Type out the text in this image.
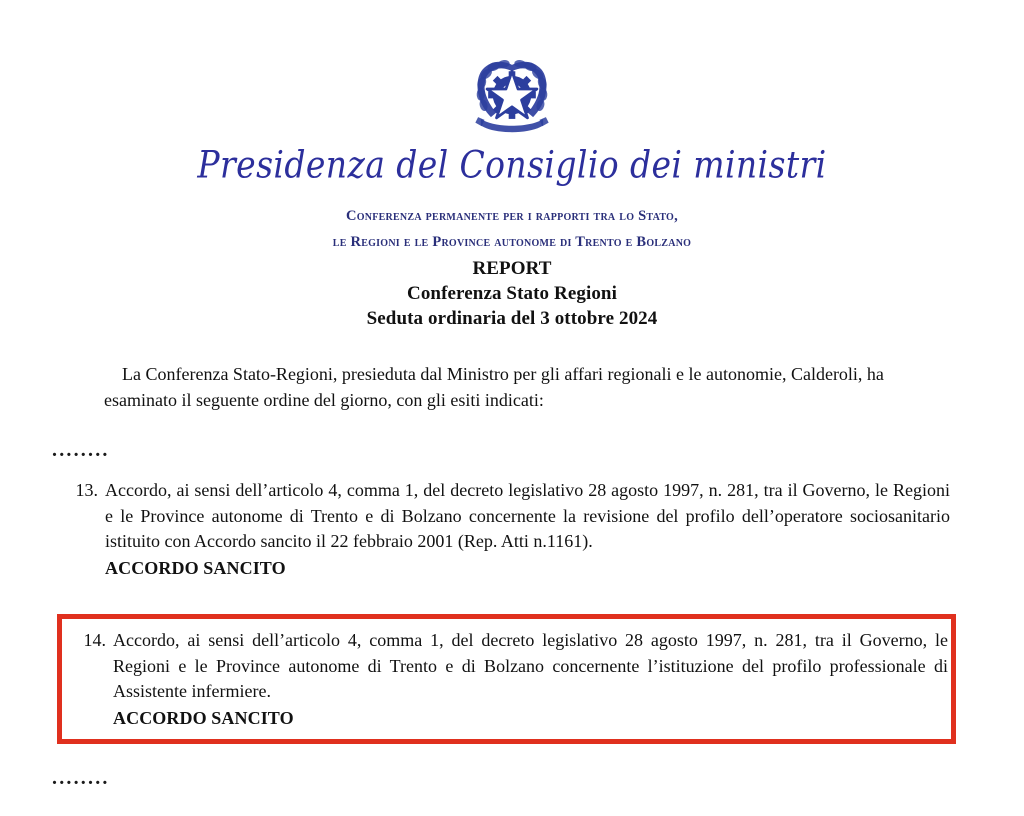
Presidenza del Consiglio dei ministri
Conferenza permanente per i rapporti tra lo Stato,
le Regioni e le Province autonome di Trento e Bolzano
REPORT
Conferenza Stato Regioni
Seduta ordinaria del 3 ottobre 2024

La Conferenza Stato-Regioni, presieduta dal Ministro per gli affari regionali e le autonomie, Calderoli, ha esaminato il seguente ordine del giorno, con gli esiti indicati:

........
13. Accordo, ai sensi dell’articolo 4, comma 1, del decreto legislativo 28 agosto 1997, n. 281, tra il Governo, le Regioni e le Province autonome di Trento e di Bolzano concernente la revisione del profilo dell’operatore sociosanitario istituito con Accordo sancito il 22 febbraio 2001 (Rep. Atti n.1161).
ACCORDO SANCITO
14. Accordo, ai sensi dell’articolo 4, comma 1, del decreto legislativo 28 agosto 1997, n. 281, tra il Governo, le Regioni e le Province autonome di Trento e di Bolzano concernente l’istituzione del profilo professionale di Assistente infermiere.
ACCORDO SANCITO
........
